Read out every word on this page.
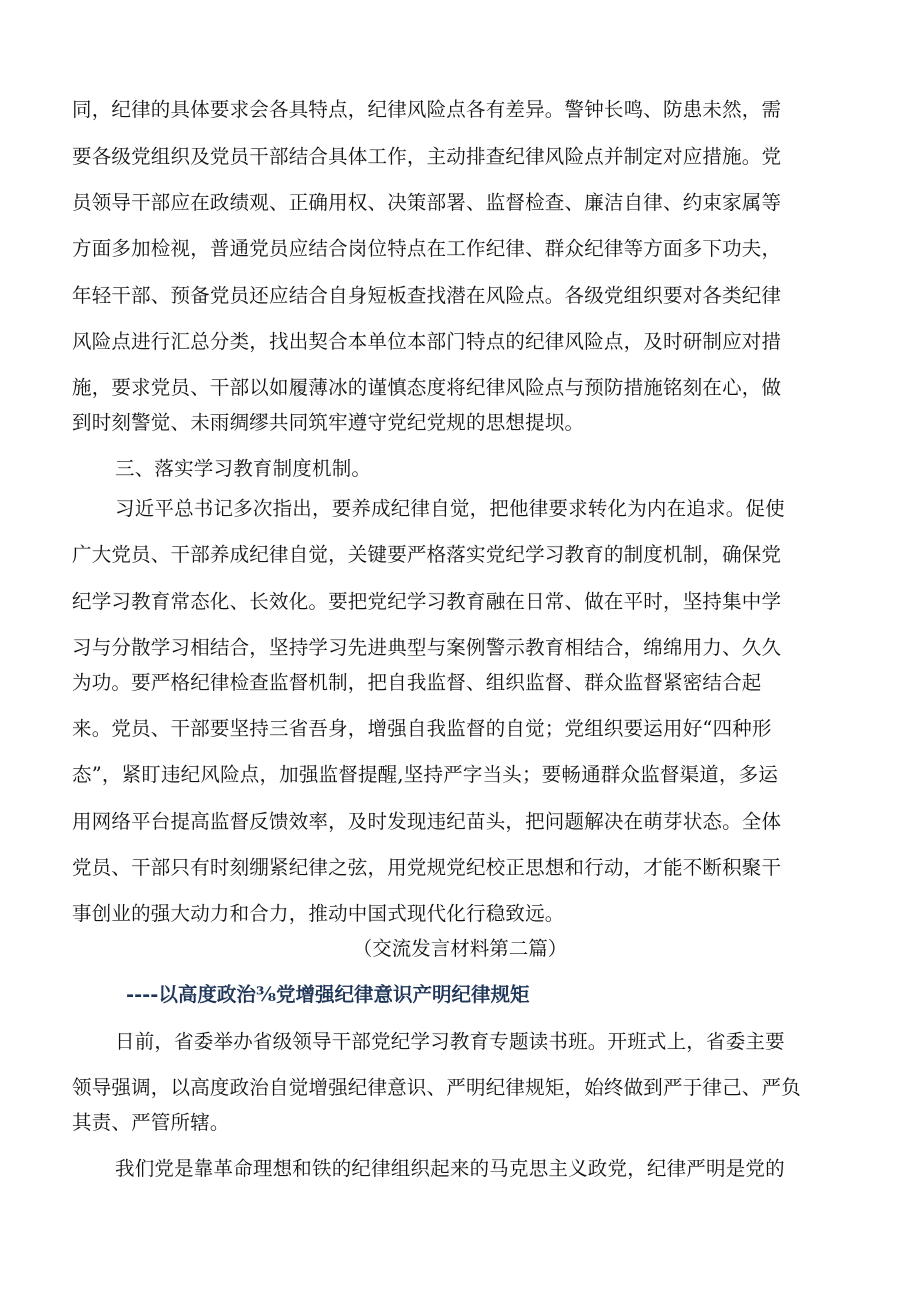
同，纪律的具体要求会各具特点，纪律风险点各有差异。警钟长鸣、防患未然，需
要各级党组织及党员干部结合具体工作，主动排查纪律风险点并制定对应措施。党
员领导干部应在政绩观、正确用权、决策部署、监督检查、廉洁自律、约束家属等
方面多加检视，普通党员应结合岗位特点在工作纪律、群众纪律等方面多下功夫，
年轻干部、预备党员还应结合自身短板查找潜在风险点。各级党组织要对各类纪律
风险点进行汇总分类，找出契合本单位本部门特点的纪律风险点，及时研制应对措
施，要求党员、干部以如履薄冰的谨慎态度将纪律风险点与预防措施铭刻在心，做
到时刻警觉、未雨绸缪共同筑牢遵守党纪党规的思想提坝。
三、落实学习教育制度机制。
习近平总书记多次指出，要养成纪律自觉，把他律要求转化为内在追求。促使
广大党员、干部养成纪律自觉，关键要严格落实党纪学习教育的制度机制，确保党
纪学习教育常态化、长效化。要把党纪学习教育融在日常、做在平时，坚持集中学
习与分散学习相结合，坚持学习先进典型与案例警示教育相结合，绵绵用力、久久
为功。要严格纪律检查监督机制，把自我监督、组织监督、群众监督紧密结合起
来。党员、干部要坚持三省吾身，增强自我监督的自觉；党组织要运用好“四种形
态”，紧盯违纪风险点，加强监督提醒,坚持严字当头；要畅通群众监督渠道，多运
用网络平台提高监督反馈效率，及时发现违纪苗头，把问题解决在萌芽状态。全体
党员、干部只有时刻绷紧纪律之弦，用党规党纪校正思想和行动，才能不断积聚干
事创业的强大动力和合力，推动中国式现代化行稳致远。
（交流发言材料第二篇）
----以高度政治⅜党增强纪律意识产明纪律规矩
日前，省委举办省级领导干部党纪学习教育专题读书班。开班式上，省委主要
领导强调，以高度政治自觉增强纪律意识、严明纪律规矩，始终做到严于律己、严负
其责、严管所辖。
我们党是靠革命理想和铁的纪律组织起来的马克思主义政党，纪律严明是党的
